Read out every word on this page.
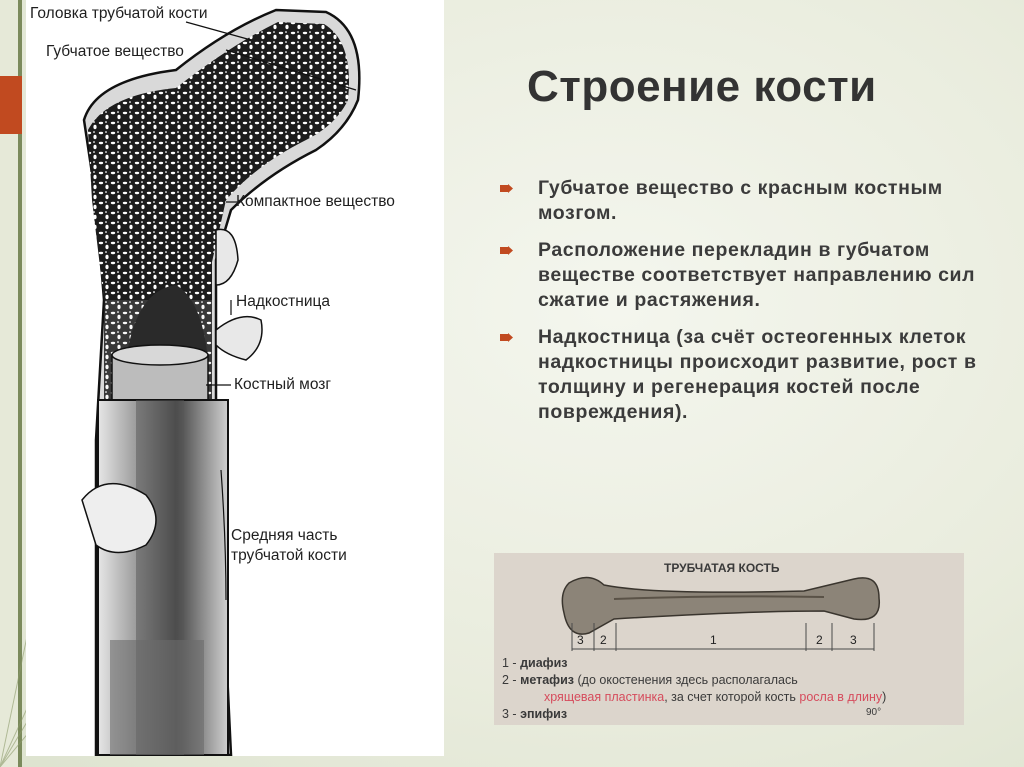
Головка трубчатой кости
Губчатое вещество
Компактное вещество
Надкостница
Костный мозг
Средняя часть
трубчатой кости
Строение кости
Губчатое вещество с красным костным мозгом.
Расположение перекладин в губчатом веществе соответствует направлению сил сжатие и растяжения.
Надкостница (за счёт остеогенных клеток надкостницы происходит развитие, рост в толщину и регенерация костей после повреждения).
ТРУБЧАТАЯ КОСТЬ
3 2	1	2 3
1 - диафиз
2 - метафиз (до окостенения здесь располагалась
хрящевая пластинка, за счет которой кость росла в длину)
3 - эпифиз	90°
